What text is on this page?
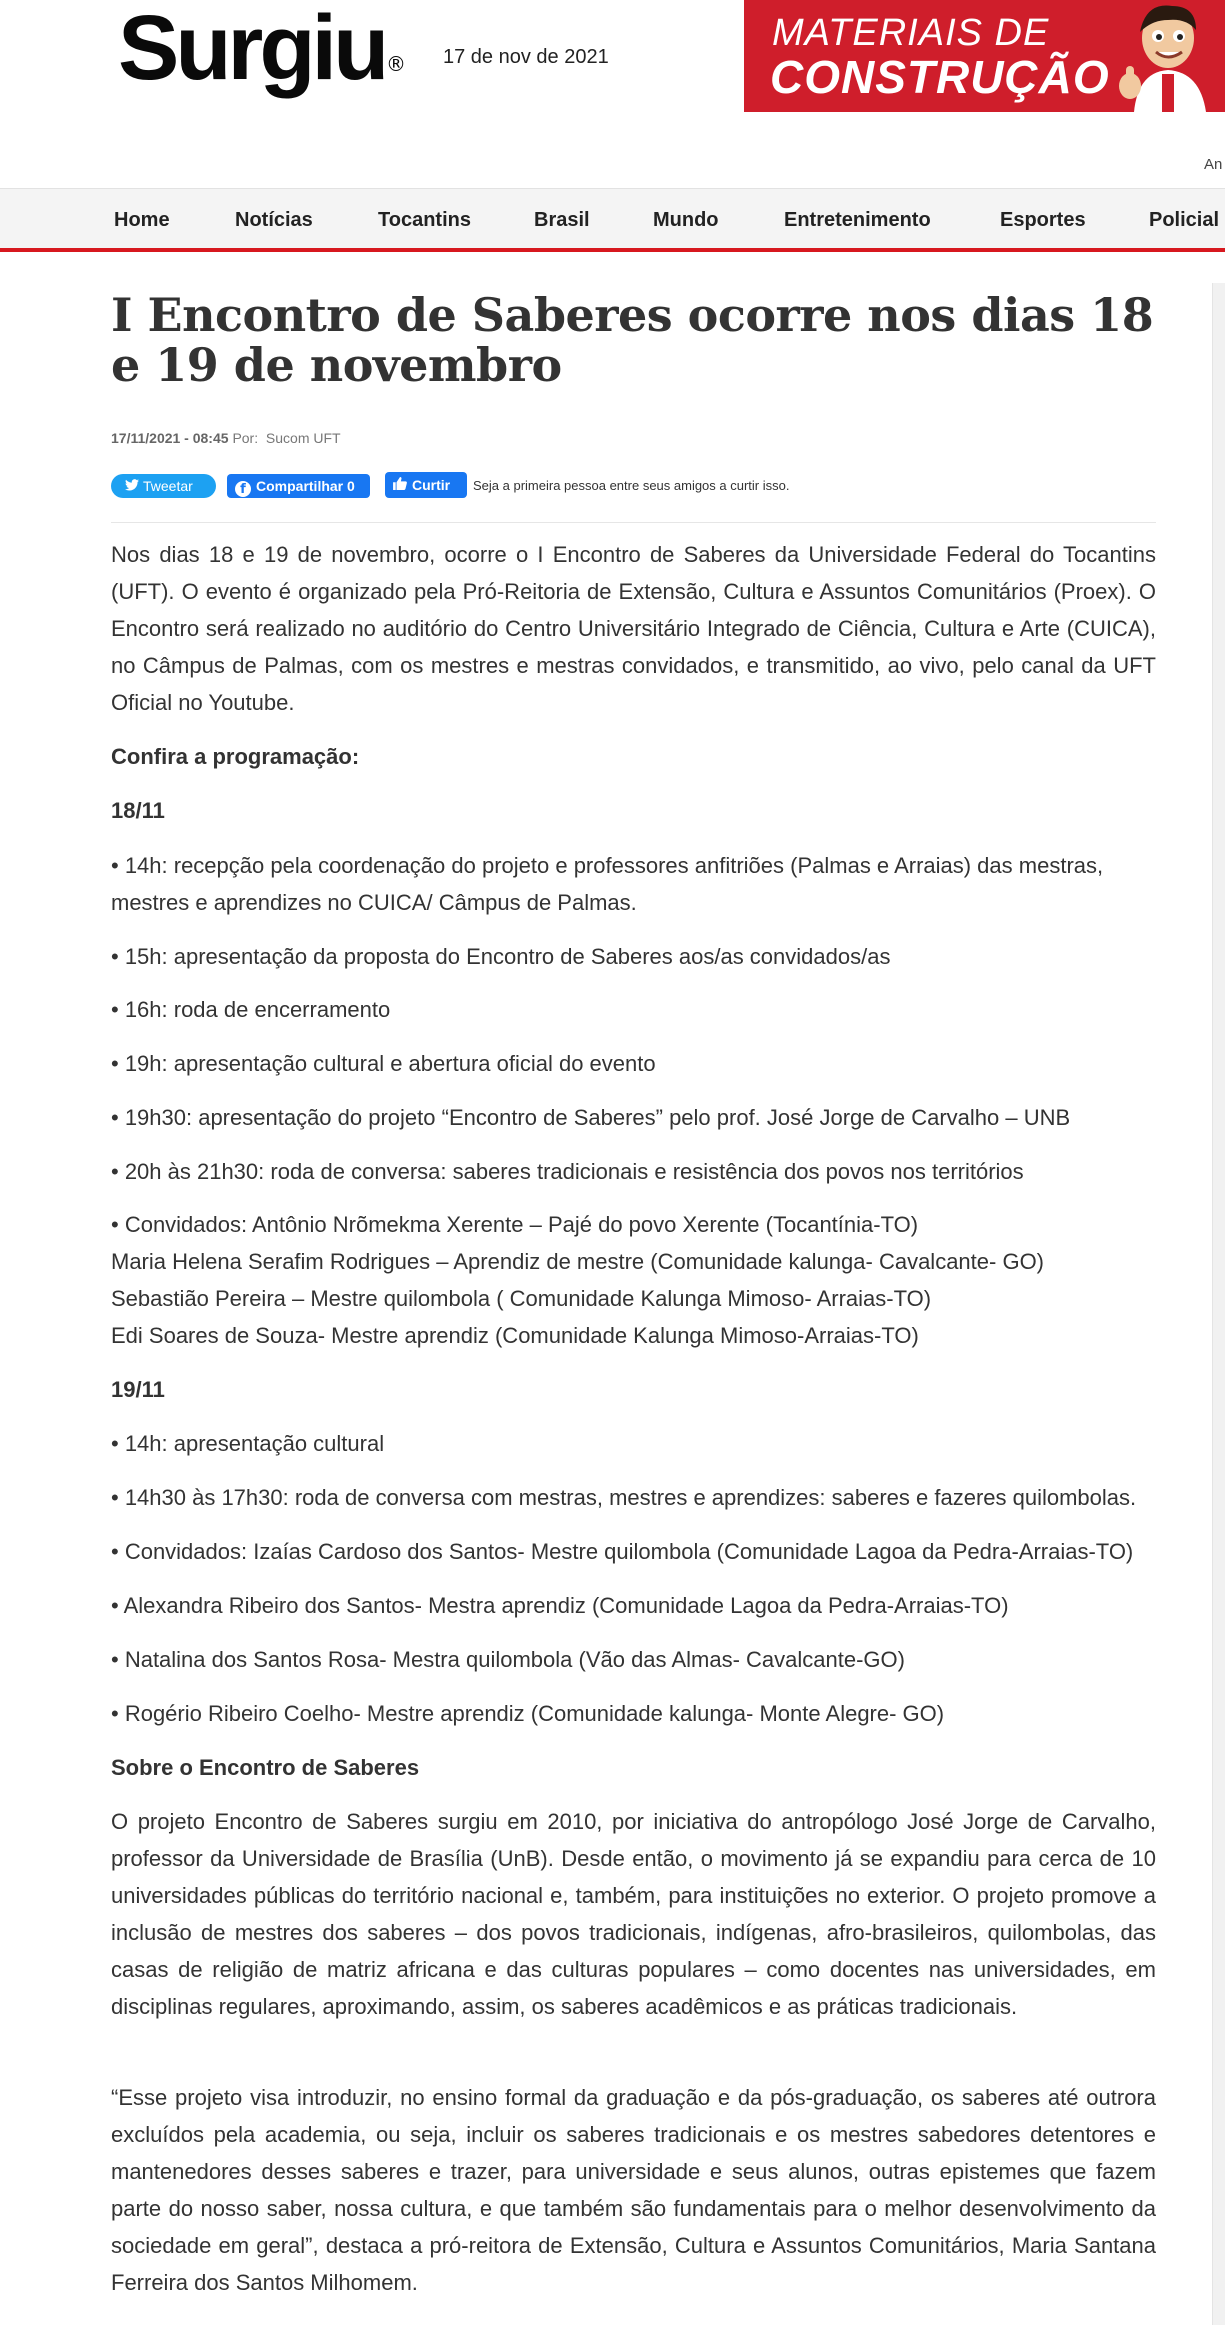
Surgiu ® 17 de nov de 2021
MATERIAIS DE
CONSTRUÇÃO
An
Home	Notícias	Tocantins	Brasil	Mundo	Entretenimento	Esportes	Policial
I Encontro de Saberes ocorre nos dias 18 e 19 de novembro
17/11/2021 - 08:45 Por: Sucom UFT
Tweetar	f Compartilhar 0	Curtir	Seja a primeira pessoa entre seus amigos a curtir isso.
Nos dias 18 e 19 de novembro, ocorre o I Encontro de Saberes da Universidade Federal do Tocantins (UFT). O evento é organizado pela Pró-Reitoria de Extensão, Cultura e Assuntos Comunitários (Proex). O Encontro será realizado no auditório do Centro Universitário Integrado de Ciência, Cultura e Arte (CUICA), no Câmpus de Palmas, com os mestres e mestras convidados, e transmitido, ao vivo, pelo canal da UFT Oficial no Youtube.
Confira a programação:
18/11
• 14h: recepção pela coordenação do projeto e professores anfitriões (Palmas e Arraias) das mestras, mestres e aprendizes no CUICA/ Câmpus de Palmas.
• 15h: apresentação da proposta do Encontro de Saberes aos/as convidados/as
• 16h: roda de encerramento
• 19h: apresentação cultural e abertura oficial do evento
• 19h30: apresentação do projeto “Encontro de Saberes” pelo prof. José Jorge de Carvalho – UNB
• 20h às 21h30: roda de conversa: saberes tradicionais e resistência dos povos nos territórios
• Convidados: Antônio Nrõmekma Xerente – Pajé do povo Xerente (Tocantínia-TO)
Maria Helena Serafim Rodrigues – Aprendiz de mestre (Comunidade kalunga- Cavalcante- GO)
Sebastião Pereira – Mestre quilombola ( Comunidade Kalunga Mimoso- Arraias-TO)
Edi Soares de Souza- Mestre aprendiz (Comunidade Kalunga Mimoso-Arraias-TO)
19/11
• 14h: apresentação cultural
• 14h30 às 17h30: roda de conversa com mestras, mestres e aprendizes: saberes e fazeres quilombolas.
• Convidados: Izaías Cardoso dos Santos- Mestre quilombola (Comunidade Lagoa da Pedra-Arraias-TO)
• Alexandra Ribeiro dos Santos- Mestra aprendiz (Comunidade Lagoa da Pedra-Arraias-TO)
• Natalina dos Santos Rosa- Mestra quilombola (Vão das Almas- Cavalcante-GO)
• Rogério Ribeiro Coelho- Mestre aprendiz (Comunidade kalunga- Monte Alegre- GO)
Sobre o Encontro de Saberes
O projeto Encontro de Saberes surgiu em 2010, por iniciativa do antropólogo José Jorge de Carvalho, professor da Universidade de Brasília (UnB). Desde então, o movimento já se expandiu para cerca de 10 universidades públicas do território nacional e, também, para instituições no exterior. O projeto promove a inclusão de mestres dos saberes – dos povos tradicionais, indígenas, afro-brasileiros, quilombolas, das casas de religião de matriz africana e das culturas populares – como docentes nas universidades, em disciplinas regulares, aproximando, assim, os saberes acadêmicos e as práticas tradicionais.
“Esse projeto visa introduzir, no ensino formal da graduação e da pós-graduação, os saberes até outrora excluídos pela academia, ou seja, incluir os saberes tradicionais e os mestres sabedores detentores e mantenedores desses saberes e trazer, para universidade e seus alunos, outras epistemes que fazem parte do nosso saber, nossa cultura, e que também são fundamentais para o melhor desenvolvimento da sociedade em geral”, destaca a pró-reitora de Extensão, Cultura e Assuntos Comunitários, Maria Santana Ferreira dos Santos Milhomem.
